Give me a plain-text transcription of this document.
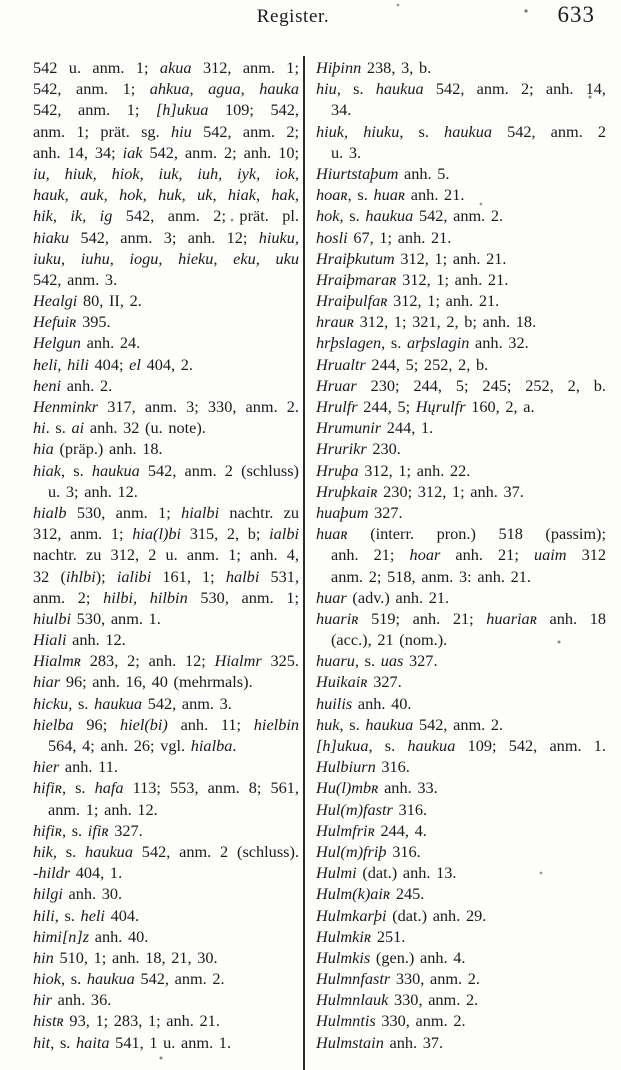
Register.	633
542 u. anm. 1; akua 312, anm. 1;
542, anm. 1; ahkua, agua, hauka
542, anm. 1; [h]ukua 109; 542,
anm. 1; prät. sg. hiu 542, anm. 2;
anh. 14, 34; iak 542, anm. 2; anh. 10;
iu, hiuk, hiok, iuk, iuh, iyk, iok,
hauk, auk, hok, huk, uk, hiak, hak,
hik, ik, ig 542, anm. 2; prät. pl.
hiaku 542, anm. 3; anh. 12; hiuku,
iuku, iuhu, iogu, hieku, eku, uku
542, anm. 3.
Healgi 80, II, 2.
Hefuiʀ 395.
Helgun anh. 24.
heli, hili 404; el 404, 2.
heni anh. 2.
Henminkr 317, anm. 3; 330, anm. 2.
hi. s. ai anh. 32 (u. note).
hia (präp.) anh. 18.
hiak, s. haukua 542, anm. 2 (schluss)
u. 3; anh. 12.
hialb 530, anm. 1; hialbi nachtr. zu
312, anm. 1; hia(l)bi 315, 2, b; ialbi
nachtr. zu 312, 2 u. anm. 1; anh. 4,
32 (ihlbi); ialibi 161, 1; halbi 531,
anm. 2; hilbi, hilbin 530, anm. 1;
hiulbi 530, anm. 1.
Hiali anh. 12.
Hialmʀ 283, 2; anh. 12; Hialmr 325.
hiar 96; anh. 16, 40 (mehrmals).
hicku, s. haukua 542, anm. 3.
hielba 96; hiel(bi) anh. 11; hielbin
564, 4; anh. 26; vgl. hialba.
hier anh. 11.
hifiʀ, s. hafa 113; 553, anm. 8; 561,
anm. 1; anh. 12.
hifiʀ, s. ifiʀ 327.
hik, s. haukua 542, anm. 2 (schluss).
-hildr 404, 1.
hilgi anh. 30.
hili, s. heli 404.
himi[n]z anh. 40.
hin 510, 1; anh. 18, 21, 30.
hiok, s. haukua 542, anm. 2.
hir anh. 36.
histʀ 93, 1; 283, 1; anh. 21.
hit, s. haita 541, 1 u. anm. 1.
Hiþinn 238, 3, b.
hiu, s. haukua 542, anm. 2; anh. 14,
34.
hiuk, hiuku, s. haukua 542, anm. 2
u. 3.
Hiurtstaþum anh. 5.
hoaʀ, s. huaʀ anh. 21.
hok, s. haukua 542, anm. 2.
hosli 67, 1; anh. 21.
Hraiþkutum 312, 1; anh. 21.
Hraiþmaraʀ 312, 1; anh. 21.
Hraiþulfaʀ 312, 1; anh. 21.
hrauʀ 312, 1; 321, 2, b; anh. 18.
hrþslagen, s. arþslagin anh. 32.
Hrualtr 244, 5; 252, 2, b.
Hruar 230; 244, 5; 245; 252, 2, b.
Hrulfr 244, 5; Hųrulfr 160, 2, a.
Hrumunir 244, 1.
Hrurikr 230.
Hruþa 312, 1; anh. 22.
Hruþkaiʀ 230; 312, 1; anh. 37.
huaþum 327.
huaʀ (interr. pron.) 518 (passim);
anh. 21; hoar anh. 21; uaim 312
anm. 2; 518, anm. 3: anh. 21.
huar (adv.) anh. 21.
huariʀ 519; anh. 21; huariaʀ anh. 18
(acc.), 21 (nom.).
huaru, s. uas 327.
Huikaiʀ 327.
huilis anh. 40.
huk, s. haukua 542, anm. 2.
[h]ukua, s. haukua 109; 542, anm. 1.
Hulbiurn 316.
Hu(l)mbʀ anh. 33.
Hul(m)fastr 316.
Hulmfriʀ 244, 4.
Hul(m)friþ 316.
Hulmi (dat.) anh. 13.
Hulm(k)aiʀ 245.
Hulmkarþi (dat.) anh. 29.
Hulmkiʀ 251.
Hulmkis (gen.) anh. 4.
Hulmnfastr 330, anm. 2.
Hulmnlauk 330, anm. 2.
Hulmntis 330, anm. 2.
Hulmstain anh. 37.
